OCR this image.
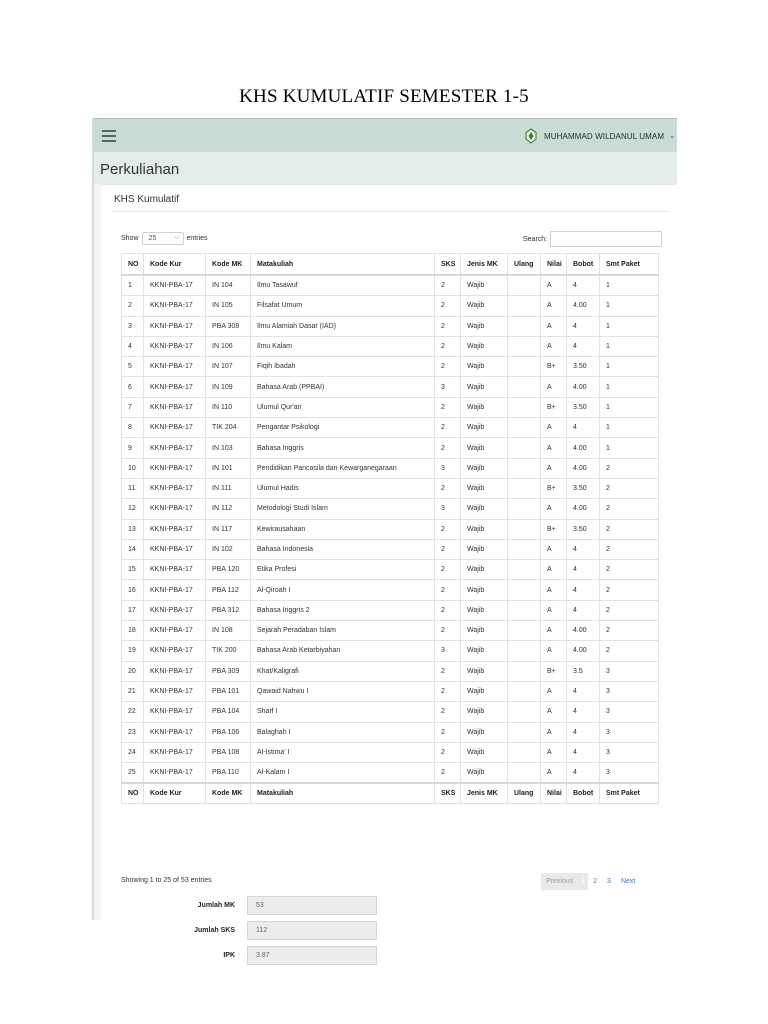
KHS KUMULATIF SEMESTER 1-5
MUHAMMAD WILDANUL UMAM ⌄
Perkuliahan
KHS Kumulatif
Show	25	⌵ entries	Search:
NO	Kode Kur	Kode MK	Matakuliah	SKS	Jenis MK	Ulang	Nilai	Bobot	Smt Paket
1	KKNI-PBA-17	IN 104	Ilmu Tasawuf	2	Wajib		A	4	1
2	KKNI-PBA-17	IN 105	Filsafat Umum	2	Wajib		A	4.00	1
3	KKNI-PBA-17	PBA 308	Ilmu Alamiah Dasar (IAD)	2	Wajib		A	4	1
4	KKNI-PBA-17	IN 106	Ilmu Kalam	2	Wajib		A	4	1
5	KKNI-PBA-17	IN 107	Fiqih Ibadah	2	Wajib		B+	3.50	1
6	KKNI-PBA-17	IN 109	Bahasa Arab (PPBAI)	3	Wajib		A	4.00	1
7	KKNI-PBA-17	IN 110	Ulumul Qur'an	2	Wajib		B+	3.50	1
8	KKNI-PBA-17	TIK 204	Pengantar Psikologi	2	Wajib		A	4	1
9	KKNI-PBA-17	IN 103	Bahasa Inggris	2	Wajib		A	4.00	1
10	KKNI-PBA-17	IN 101	Pendidikan Pancasila dan Kewarganegaraan	3	Wajib		A	4.00	2
11	KKNI-PBA-17	IN 111	Ulumul Hadis	2	Wajib		B+	3.50	2
12	KKNI-PBA-17	IN 112	Metodologi Studi Islam	3	Wajib		A	4.00	2
13	KKNI-PBA-17	IN 117	Kewirausahaan	2	Wajib		B+	3.50	2
14	KKNI-PBA-17	IN 102	Bahasa Indonesia	2	Wajib		A	4	2
15	KKNI-PBA-17	PBA 120	Etika Profesi	2	Wajib		A	4	2
16	KKNI-PBA-17	PBA 112	Al-Qiroah I	2	Wajib		A	4	2
17	KKNI-PBA-17	PBA 312	Bahasa Inggris 2	2	Wajib		A	4	2
18	KKNI-PBA-17	IN 108	Sejarah Peradaban Islam	2	Wajib		A	4.00	2
19	KKNI-PBA-17	TIK 200	Bahasa Arab Ketarbiyahan	3	Wajib		A	4.00	2
20	KKNI-PBA-17	PBA 309	Khat/Kaligrafi	2	Wajib		B+	3.5	3
21	KKNI-PBA-17	PBA 101	Qawaid Nahwu I	2	Wajib		A	4	3
22	KKNI-PBA-17	PBA 104	Sharf I	2	Wajib		A	4	3
23	KKNI-PBA-17	PBA 106	Balaghah I	2	Wajib		A	4	3
24	KKNI-PBA-17	PBA 108	Al-Istima' I	2	Wajib		A	4	3
25	KKNI-PBA-17	PBA 110	Al-Kalam I	2	Wajib		A	4	3
NO	Kode Kur	Kode MK	Matakuliah	SKS	Jenis MK	Ulang	Nilai	Bobot	Smt Paket
Showing 1 to 25 of 53 entries	Previous	1	2	3	Next
Jumlah MK	53
Jumlah SKS	112
IPK	3.87
